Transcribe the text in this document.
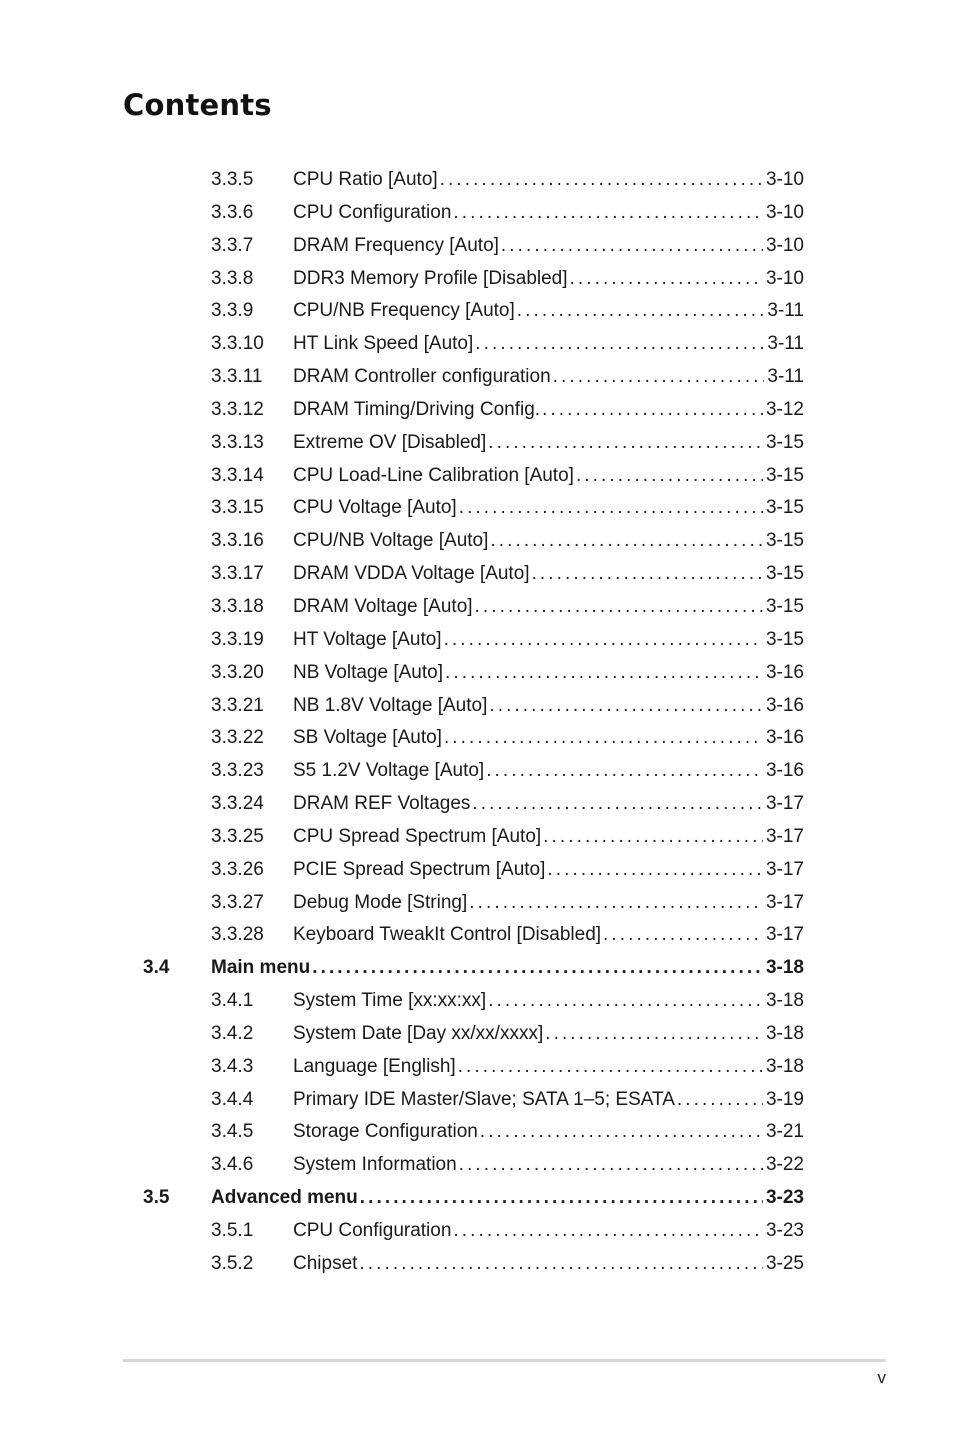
Contents
3.3.5 CPU Ratio [Auto] . . .	3-10
3.3.6 CPU Configuration . . .	3-10
3.3.7 DRAM Frequency [Auto] . . .	3-10
3.3.8 DDR3 Memory Profile [Disabled] . . .	3-10
3.3.9 CPU/NB Frequency [Auto] . . .	3-11
3.3.10 HT Link Speed [Auto] . . .	3-11
3.3.11 DRAM Controller configuration . . .	3-11
3.3.12 DRAM Timing/Driving Config. . . .	3-12
3.3.13 Extreme OV [Disabled] . . .	3-15
3.3.14 CPU Load-Line Calibration [Auto] . . .	3-15
3.3.15 CPU Voltage [Auto] . . .	3-15
3.3.16 CPU/NB Voltage [Auto] . . .	3-15
3.3.17 DRAM VDDA Voltage [Auto] . . .	3-15
3.3.18 DRAM Voltage [Auto] . . .	3-15
3.3.19 HT Voltage [Auto] . . .	3-15
3.3.20 NB Voltage [Auto] . . .	3-16
3.3.21 NB 1.8V Voltage [Auto] . . .	3-16
3.3.22 SB Voltage [Auto] . . .	3-16
3.3.23 S5 1.2V Voltage [Auto] . . .	3-16
3.3.24 DRAM REF Voltages . . .	3-17
3.3.25 CPU Spread Spectrum [Auto] . . .	3-17
3.3.26 PCIE Spread Spectrum [Auto] . . .	3-17
3.3.27 Debug Mode [String] . . .	3-17
3.3.28 Keyboard TweakIt Control [Disabled] . . .	3-17
3.4 Main menu . . .	3-18
3.4.1 System Time [xx:xx:xx] . . .	3-18
3.4.2 System Date [Day xx/xx/xxxx] . . .	3-18
3.4.3 Language [English] . . .	3-18
3.4.4 Primary IDE Master/Slave; SATA 1–5; ESATA . . .	3-19
3.4.5 Storage Configuration . . .	3-21
3.4.6 System Information . . .	3-22
3.5 Advanced menu . . .	3-23
3.5.1 CPU Configuration . . .	3-23
3.5.2 Chipset . . .	3-25
v
